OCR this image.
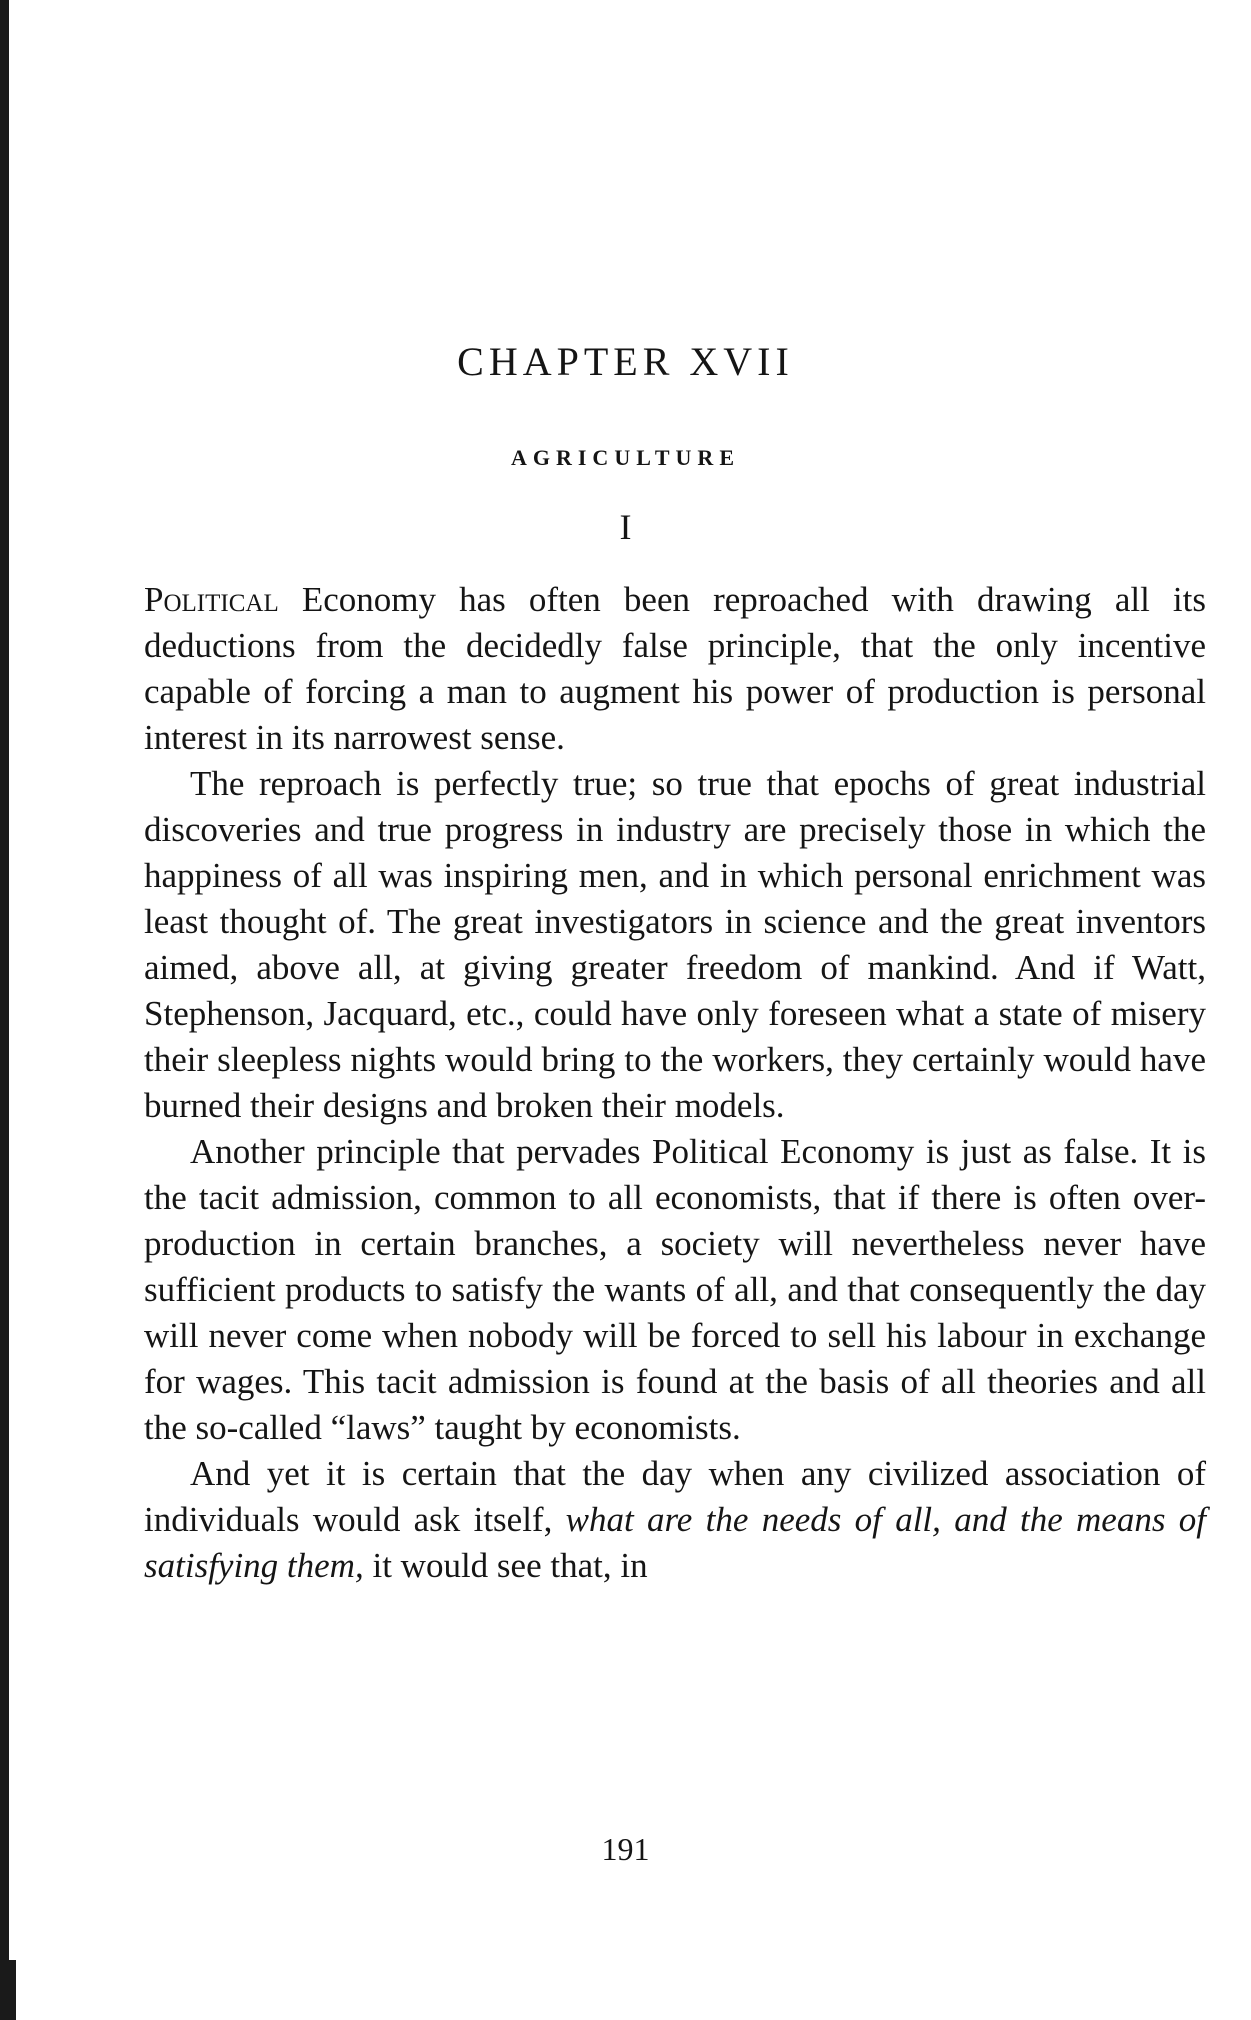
CHAPTER XVII
AGRICULTURE
I

Political Economy has often been reproached with drawing all its deductions from the decidedly false principle, that the only incentive capable of forcing a man to augment his power of production is personal interest in its narrowest sense.

The reproach is perfectly true; so true that epochs of great industrial discoveries and true progress in industry are precisely those in which the happiness of all was inspiring men, and in which personal enrichment was least thought of. The great investigators in science and the great inventors aimed, above all, at giving greater freedom of mankind. And if Watt, Stephenson, Jacquard, etc., could have only foreseen what a state of misery their sleepless nights would bring to the workers, they certainly would have burned their designs and broken their models.

Another principle that pervades Political Economy is just as false. It is the tacit admission, common to all economists, that if there is often over-production in certain branches, a society will nevertheless never have sufficient products to satisfy the wants of all, and that consequently the day will never come when nobody will be forced to sell his labour in exchange for wages. This tacit admission is found at the basis of all theories and all the so-called “laws” taught by economists.

And yet it is certain that the day when any civilized association of individuals would ask itself, what are the needs of all, and the means of satisfying them, it would see that, in

191
